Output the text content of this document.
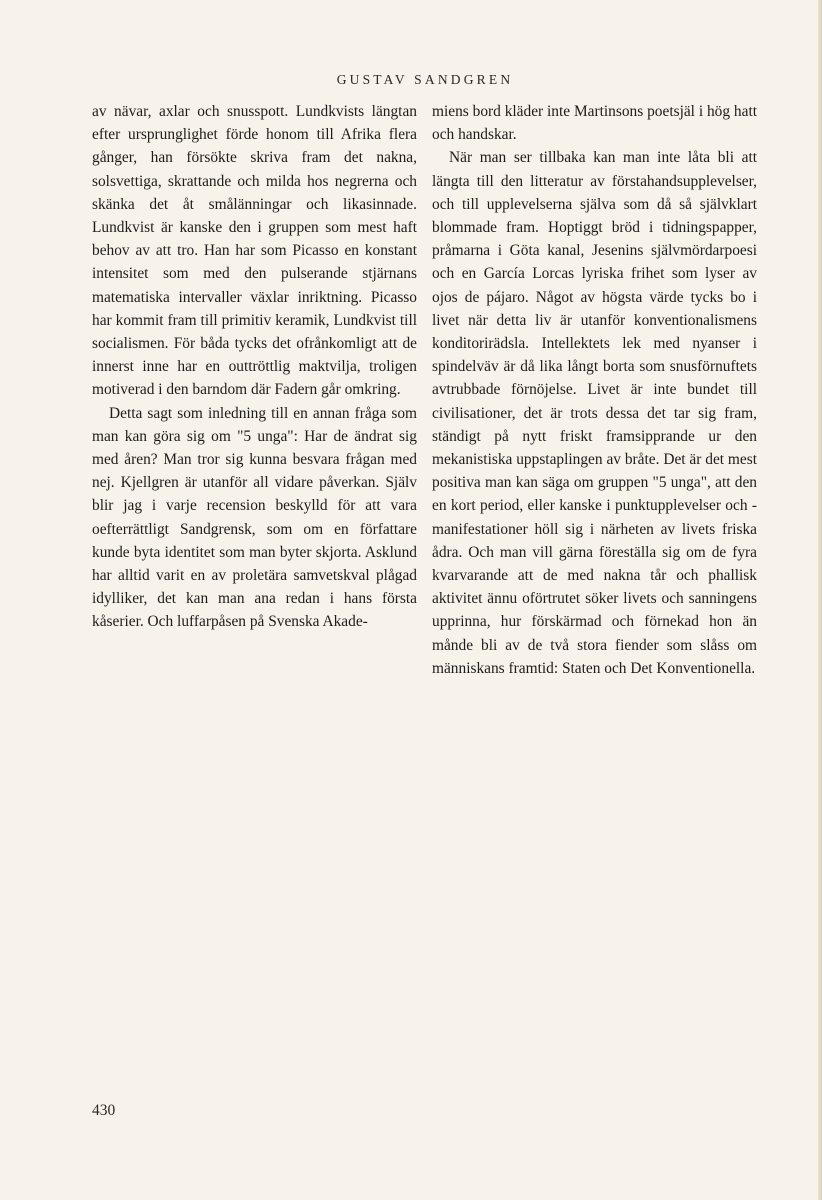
GUSTAV SANDGREN

av nävar, axlar och snusspott. Lundkvists längtan efter ursprunglighet förde honom till Afrika flera gånger, han försökte skriva fram det nakna, solsvettiga, skrattande och milda hos negrerna och skänka det åt smålänningar och likasinnade. Lundkvist är kanske den i gruppen som mest haft behov av att tro. Han har som Picasso en konstant intensitet som med den pulserande stjärnans matematiska intervaller växlar inriktning. Picasso har kommit fram till primitiv keramik, Lundkvist till socialismen. För båda tycks det ofrånkomligt att de innerst inne har en outtröttlig maktvilja, troligen motiverad i den barndom där Fadern går omkring.

Detta sagt som inledning till en annan fråga som man kan göra sig om "5 unga": Har de ändrat sig med åren? Man tror sig kunna besvara frågan med nej. Kjellgren är utanför all vidare påverkan. Själv blir jag i varje recension beskylld för att vara oefterrättligt Sandgrensk, som om en författare kunde byta identitet som man byter skjorta. Asklund har alltid varit en av proletära samvetskval plågad idylliker, det kan man ana redan i hans första kåserier. Och luffarpåsen på Svenska Akade-

miens bord kläder inte Martinsons poetsjäl i hög hatt och handskar.

När man ser tillbaka kan man inte låta bli att längta till den litteratur av förstahandsupplevelser, och till upplevelserna själva som då så självklart blommade fram. Hoptiggt bröd i tidningspapper, pråmarna i Göta kanal, Jesenins självmördarpoesi och en García Lorcas lyriska frihet som lyser av ojos de pájaro. Något av högsta värde tycks bo i livet när detta liv är utanför konventionalismens konditorirädsla. Intellektets lek med nyanser i spindelväv är då lika långt borta som snusförnuftets avtrubbade förnöjelse. Livet är inte bundet till civilisationer, det är trots dessa det tar sig fram, ständigt på nytt friskt framsipprande ur den mekanistiska uppstaplingen av bråte. Det är det mest positiva man kan säga om gruppen "5 unga", att den en kort period, eller kanske i punktupplevelser och -manifestationer höll sig i närheten av livets friska ådra. Och man vill gärna föreställa sig om de fyra kvarvarande att de med nakna tår och phallisk aktivitet ännu oförtrutet söker livets och sanningens upprinna, hur förskärmad och förnekad hon än månde bli av de två stora fiender som slåss om människans framtid: Staten och Det Konventionella.

430
